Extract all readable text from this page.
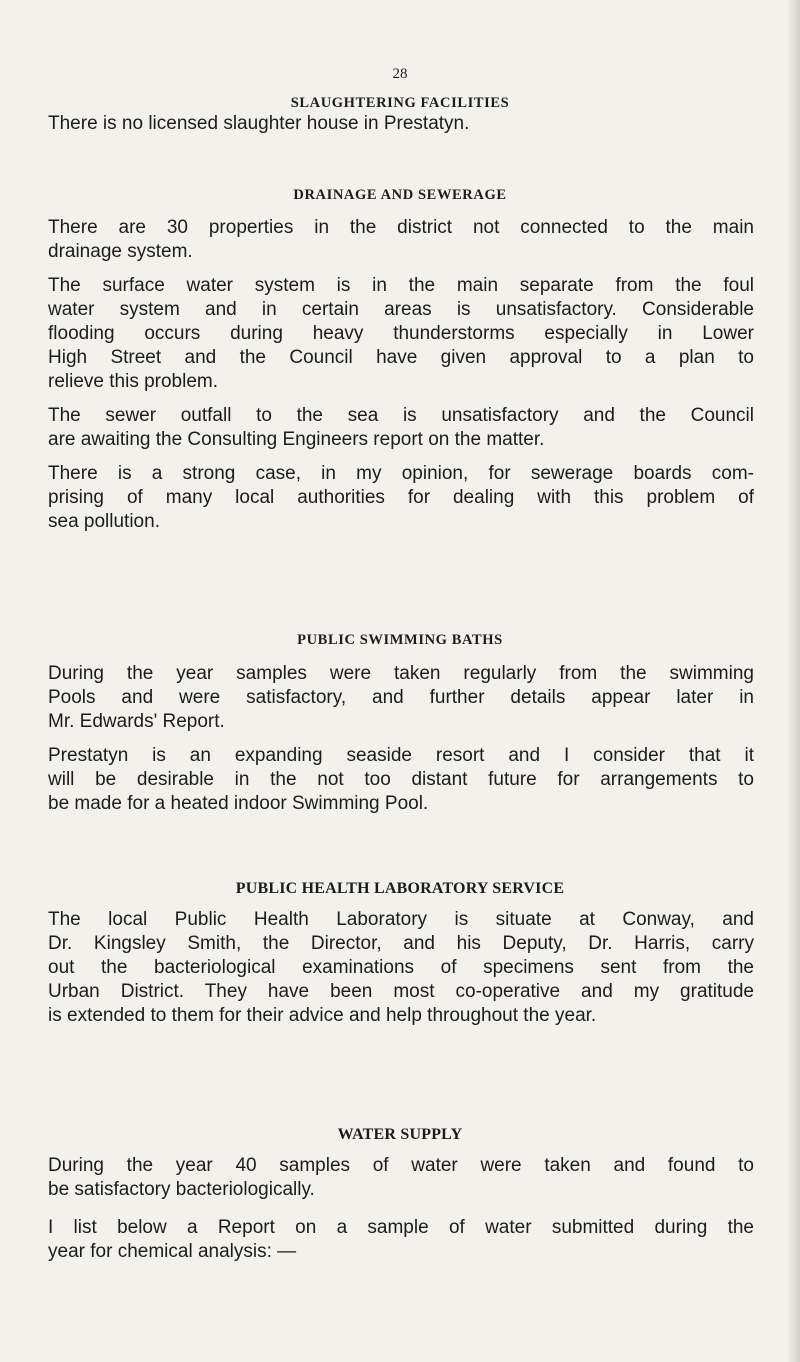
28
SLAUGHTERING FACILITIES
There is no licensed slaughter house in Prestatyn.
DRAINAGE AND SEWERAGE
There are 30 properties in the district not connected to the main
drainage system.
The surface water system is in the main separate from the foul
water system and in certain areas is unsatisfactory. Considerable
flooding occurs during heavy thunderstorms especially in Lower
High Street and the Council have given approval to a plan to
relieve this problem.
The sewer outfall to the sea is unsatisfactory and the Council
are awaiting the Consulting Engineers report on the matter.
There is a strong case, in my opinion, for sewerage boards com-
prising of many local authorities for dealing with this problem of
sea pollution.
PUBLIC SWIMMING BATHS
During the year samples were taken regularly from the swimming
Pools and were satisfactory, and further details appear later in
Mr. Edwards' Report.
Prestatyn is an expanding seaside resort and I consider that it
will be desirable in the not too distant future for arrangements to
be made for a heated indoor Swimming Pool.
PUBLIC HEALTH LABORATORY SERVICE
The local Public Health Laboratory is situate at Conway, and
Dr. Kingsley Smith, the Director, and his Deputy, Dr. Harris, carry
out the bacteriological examinations of specimens sent from the
Urban District. They have been most co-operative and my gratitude
is extended to them for their advice and help throughout the year.
WATER SUPPLY
During the year 40 samples of water were taken and found to
be satisfactory bacteriologically.
I list below a Report on a sample of water submitted during the
year for chemical analysis: —
